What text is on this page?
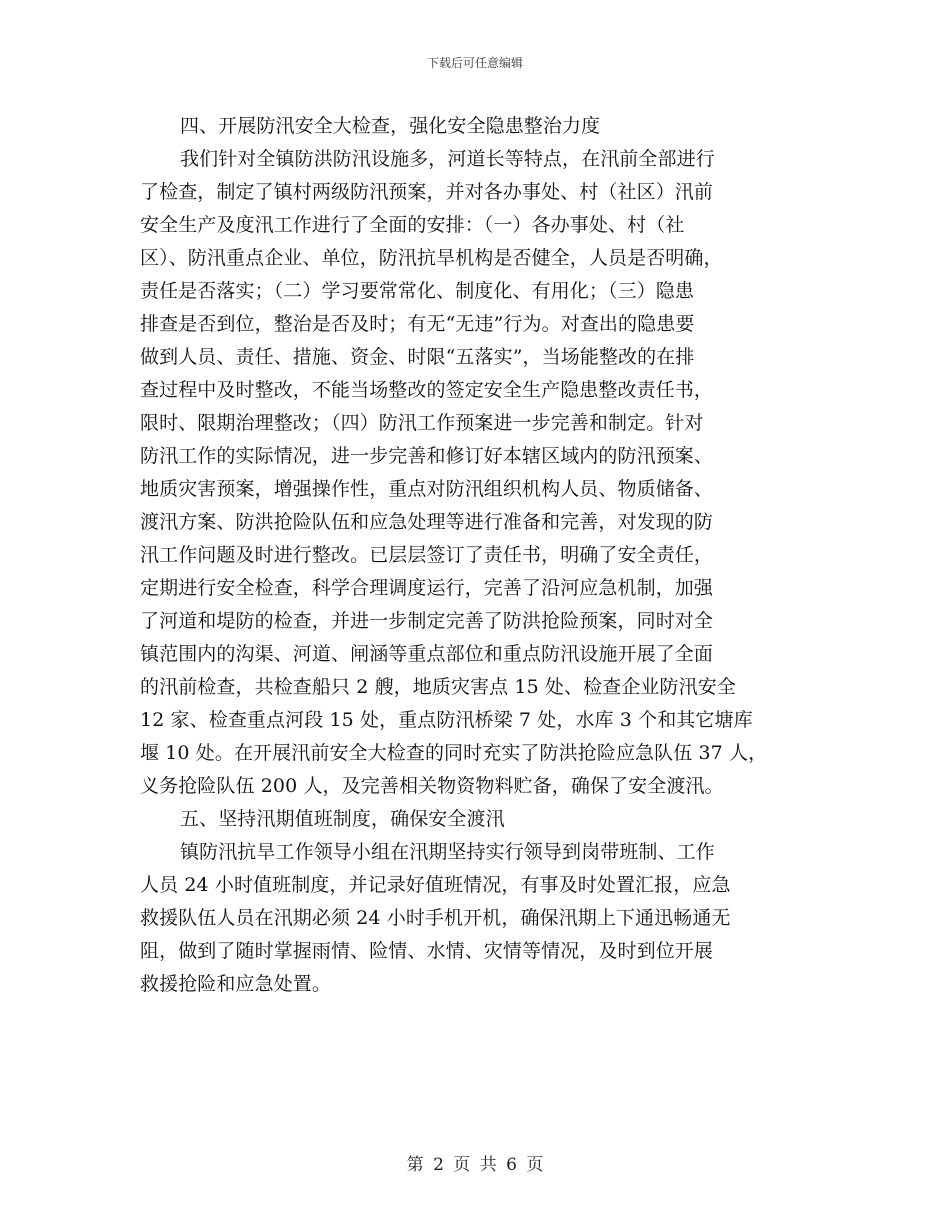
下载后可任意编辑
四、开展防汛安全大检查，强化安全隐患整治力度
我们针对全镇防洪防汛设施多，河道长等特点，在汛前全部进行
了检查，制定了镇村两级防汛预案，并对各办事处、村（社区）汛前
安全生产及度汛工作进行了全面的安排：（一）各办事处、村（社
区）、防汛重点企业、单位，防汛抗旱机构是否健全，人员是否明确，
责任是否落实；（二）学习要常常化、制度化、有用化；（三）隐患
排查是否到位，整治是否及时；有无“无违”行为。对查出的隐患要
做到人员、责任、措施、资金、时限“五落实”，当场能整改的在排
查过程中及时整改，不能当场整改的签定安全生产隐患整改责任书，
限时、限期治理整改；（四）防汛工作预案进一步完善和制定。针对
防汛工作的实际情况，进一步完善和修订好本辖区域内的防汛预案、
地质灾害预案，增强操作性，重点对防汛组织机构人员、物质储备、
渡汛方案、防洪抢险队伍和应急处理等进行准备和完善，对发现的防
汛工作问题及时进行整改。已层层签订了责任书，明确了安全责任，
定期进行安全检查，科学合理调度运行，完善了沿河应急机制，加强
了河道和堤防的检查，并进一步制定完善了防洪抢险预案，同时对全
镇范围内的沟渠、河道、闸涵等重点部位和重点防汛设施开展了全面
的汛前检查，共检查船只 2 艘，地质灾害点 15 处、检查企业防汛安全
12 家、检查重点河段 15 处，重点防汛桥梁 7 处，水库 3 个和其它塘库
堰 10 处。在开展汛前安全大检查的同时充实了防洪抢险应急队伍 37 人，
义务抢险队伍 200 人，及完善相关物资物料贮备，确保了安全渡汛。
五、坚持汛期值班制度，确保安全渡汛
镇防汛抗旱工作领导小组在汛期坚持实行领导到岗带班制、工作
人员 24 小时值班制度，并记录好值班情况，有事及时处置汇报，应急
救援队伍人员在汛期必须 24 小时手机开机，确保汛期上下通迅畅通无
阻，做到了随时掌握雨情、险情、水情、灾情等情况，及时到位开展
救援抢险和应急处置。
第 2 页 共 6 页
